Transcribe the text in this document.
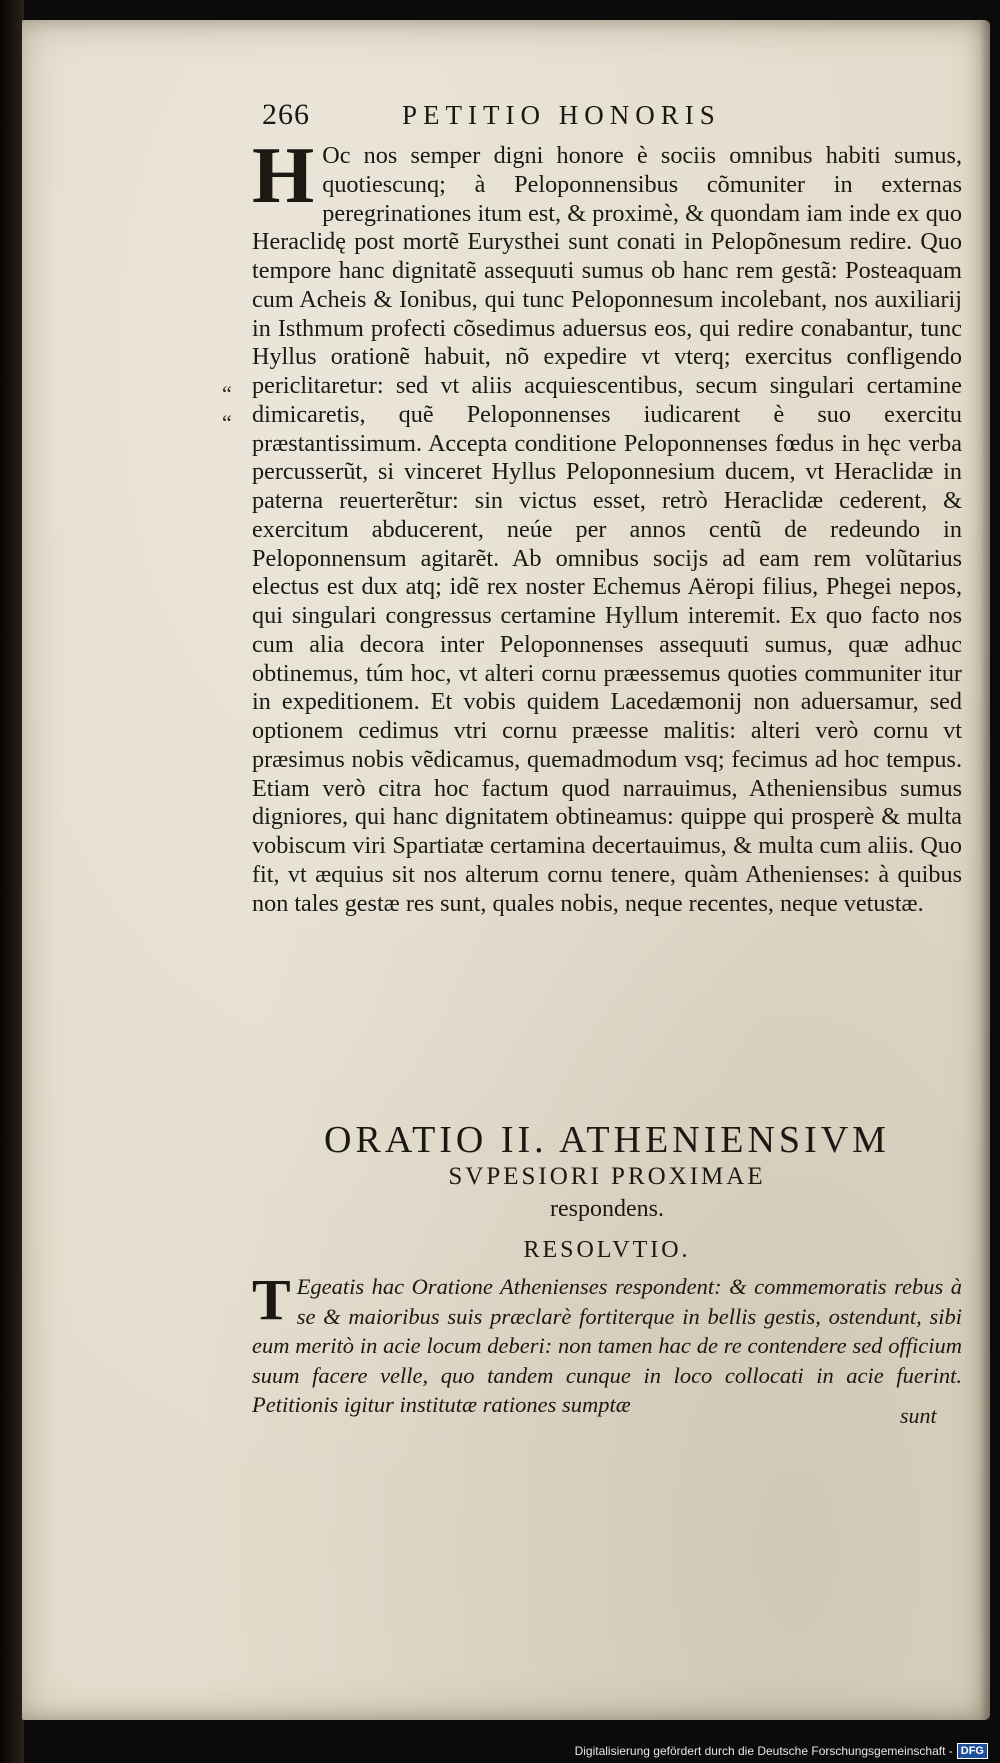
266	PETITIO HONORIS

H Oc nos semper digni honore è sociis omnibus habiti sumus, quotiescunq; à Peloponnensibus cõmuniter in externas peregrinationes itum est, & proximè, & quondam iam inde ex quo Heraclidę post mortẽ Eurysthei sunt conati in Pelopõnesum redire. Quo tempore hanc dignitatẽ assequuti sumus ob hanc rem gestã: Posteaquam cum Acheis & Ionibus, qui tunc Peloponnesum incolebant, nos auxiliarij in Isthmum profecti cõsedimus aduersus eos, qui redire conabantur, tunc Hyllus orationẽ habuit, nõ expedire vt vterq; exercitus confligendo periclitaretur: sed vt aliis acquiescentibus, secum singulari certamine dimicaretis, quẽ Peloponnenses iudicarent è suo exercitu præstantissimum. Accepta conditione Peloponnenses fœdus in hęc verba percusserũt, si vinceret Hyllus Peloponnesium ducem, vt Heraclidæ in paterna reuerterẽtur: sin victus esset, retrò Heraclidæ cederent, & exercitum abducerent, neúe per annos centũ de redeundo in Peloponnensum agitarẽt. Ab omnibus socijs ad eam rem volũtarius electus est dux atq; idẽ rex noster Echemus Aëropi filius, Phegei nepos, qui singulari congressus certamine Hyllum interemit. Ex quo facto nos cum alia decora inter Peloponnenses assequuti sumus, quæ adhuc obtinemus, túm hoc, vt alteri cornu præessemus quoties communiter itur in expeditionem. Et vobis quidem Lacedæmonij non aduersamur, sed optionem cedimus vtri cornu præesse malitis: alteri verò cornu vt præsimus nobis vẽdicamus, quemadmodum vsq; fecimus ad hoc tempus. Etiam verò citra hoc factum quod narrauimus, Atheniensibus sumus digniores, qui hanc dignitatem obtineamus: quippe qui prosperè & multa vobiscum viri Spartiatæ certamina decertauimus, & multa cum aliis. Quo fit, vt æquius sit nos alterum cornu tenere, quàm Athenienses: à quibus non tales gestæ res sunt, quales nobis, neque recentes, neque vetustæ.

“
“
ORATIO II. ATHENIENSIVM
SVPESIORI PROXIMAE
respondens.
RESOLVTIO.

T Egeatis hac Oratione Athenienses respondent: & commemoratis rebus à se & maioribus suis præclarè fortiterque in bellis gestis, ostendunt, sibi eum meritò in acie locum deberi: non tamen hac de re contendere sed officium suum facere velle, quo tandem cunque in loco collocati in acie fuerint. Petitionis igitur institutæ rationes sumptæ	sunt
Digitalisierung gefördert durch die Deutsche Forschungsgemeinschaft - DFG
